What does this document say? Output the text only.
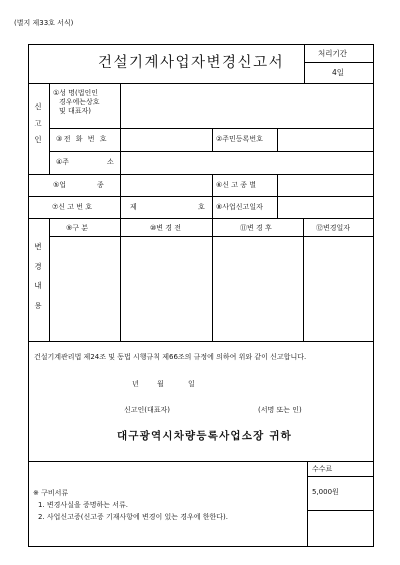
(별지 제33호 서식)
건설기계사업자변경신고서
처리기간
4일
신
고
인
①성 명(법인인
경우에는상호
및 대표자)
③전 화 번 호	②주민등록번호
④주	소
⑤업	종	⑥신 고 종 별
⑦신 고 번 호	제	호 ⑧사업신고일자
변
경
내
용
⑨구 분	⑩변 경 전	⑪변 경 후	⑫변경일자
건설기계관리법 제24조 및 동법 시행규칙 제66조의 규정에 의하여 위와 같이 신고합니다.
년	월	일
신고인(대표자)	(서명 또는 인)
대구광역시차량등록사업소장 귀하
수수료
5,000원
※ 구비서류
1. 변경사실을 증명하는 서류.
2. 사업신고증(신고증 기재사항에 변경이 있는 경우에 한한다).
